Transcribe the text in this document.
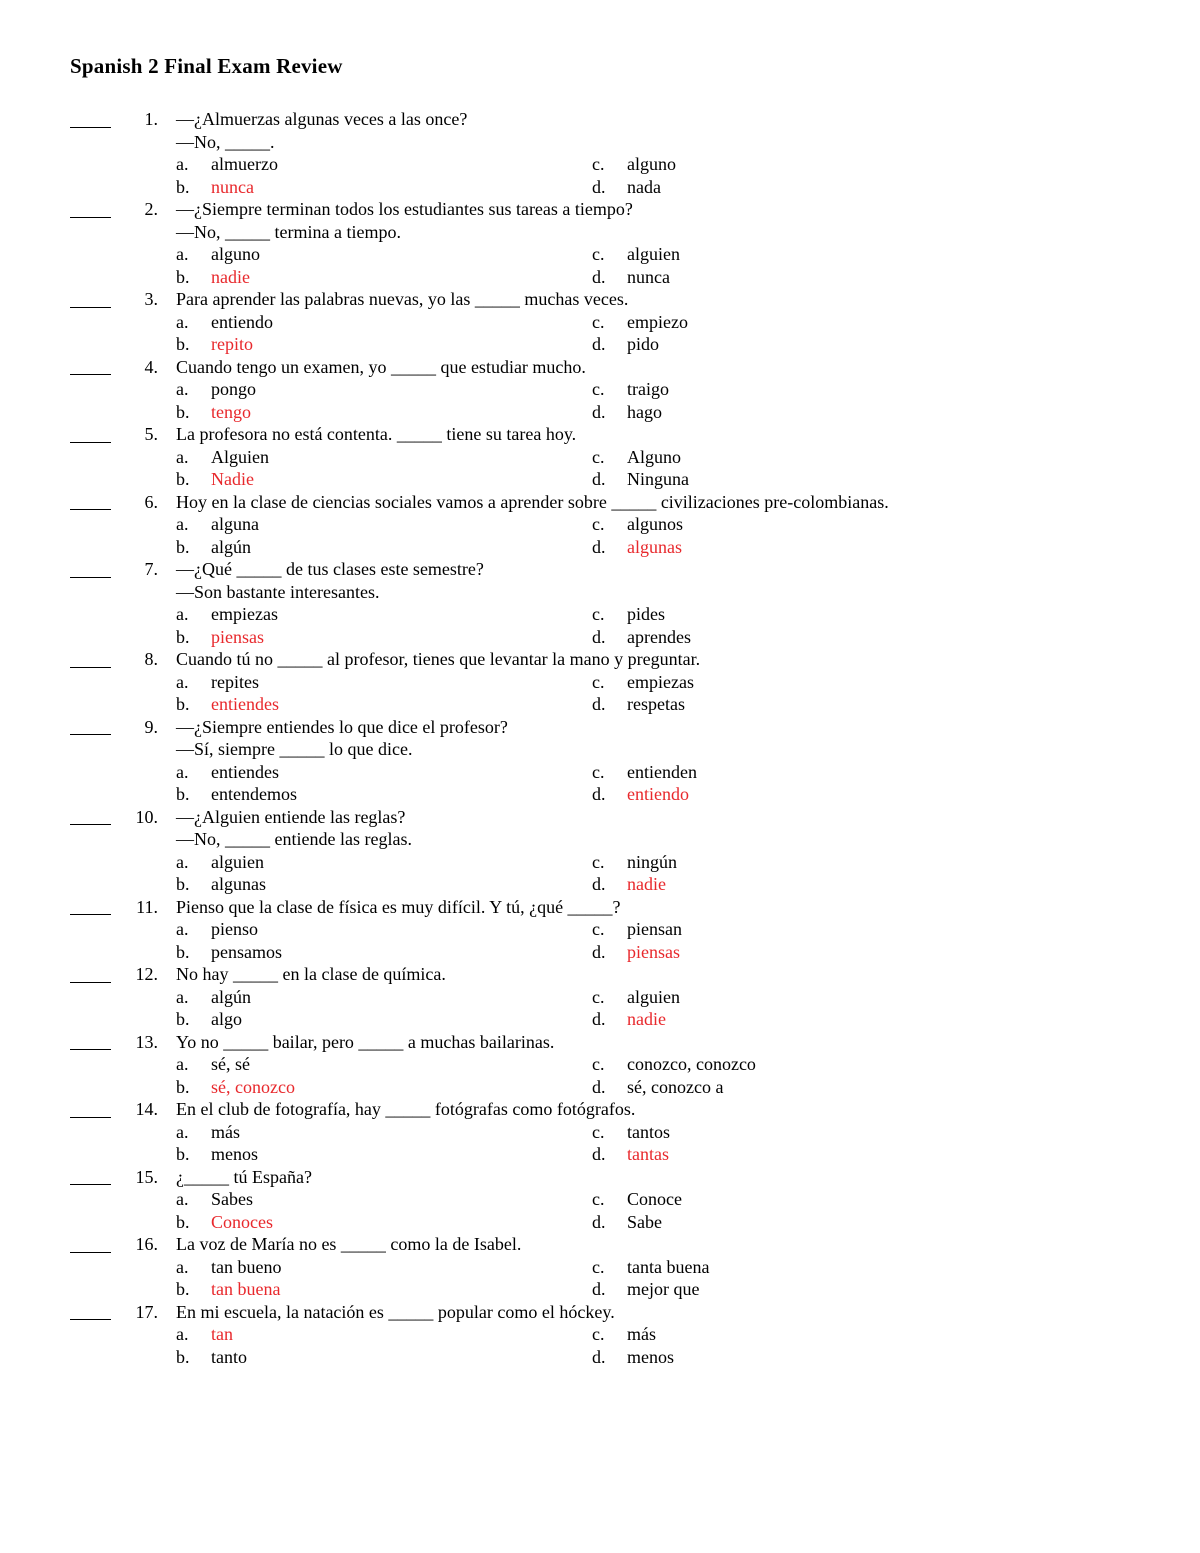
Spanish 2 Final Exam Review
1. —¿Almuerzas algunas veces a las once?
—No, _____.
a. almuerzo	c. alguno
b. nunca	d. nada
2. —¿Siempre terminan todos los estudiantes sus tareas a tiempo?
—No, _____ termina a tiempo.
a. alguno	c. alguien
b. nadie	d. nunca
3. Para aprender las palabras nuevas, yo las _____ muchas veces.
a. entiendo	c. empiezo
b. repito	d. pido
4. Cuando tengo un examen, yo _____ que estudiar mucho.
a. pongo	c. traigo
b. tengo	d. hago
5. La profesora no está contenta. _____ tiene su tarea hoy.
a. Alguien	c. Alguno
b. Nadie	d. Ninguna
6. Hoy en la clase de ciencias sociales vamos a aprender sobre _____ civilizaciones pre-colombianas.
a. alguna	c. algunos
b. algún	d. algunas
7. —¿Qué _____ de tus clases este semestre?
—Son bastante interesantes.
a. empiezas	c. pides
b. piensas	d. aprendes
8. Cuando tú no _____ al profesor, tienes que levantar la mano y preguntar.
a. repites	c. empiezas
b. entiendes	d. respetas
9. —¿Siempre entiendes lo que dice el profesor?
—Sí, siempre _____ lo que dice.
a. entiendes	c. entienden
b. entendemos	d. entiendo
10. —¿Alguien entiende las reglas?
—No, _____ entiende las reglas.
a. alguien	c. ningún
b. algunas	d. nadie
11. Pienso que la clase de física es muy difícil. Y tú, ¿qué _____?
a. pienso	c. piensan
b. pensamos	d. piensas
12. No hay _____ en la clase de química.
a. algún	c. alguien
b. algo	d. nadie
13. Yo no _____ bailar, pero _____ a muchas bailarinas.
a. sé, sé	c. conozco, conozco
b. sé, conozco	d. sé, conozco a
14. En el club de fotografía, hay _____ fotógrafas como fotógrafos.
a. más	c. tantos
b. menos	d. tantas
15. ¿_____ tú España?
a. Sabes	c. Conoce
b. Conoces	d. Sabe
16. La voz de María no es _____ como la de Isabel.
a. tan bueno	c. tanta buena
b. tan buena	d. mejor que
17. En mi escuela, la natación es _____ popular como el hóckey.
a. tan	c. más
b. tanto	d. menos
